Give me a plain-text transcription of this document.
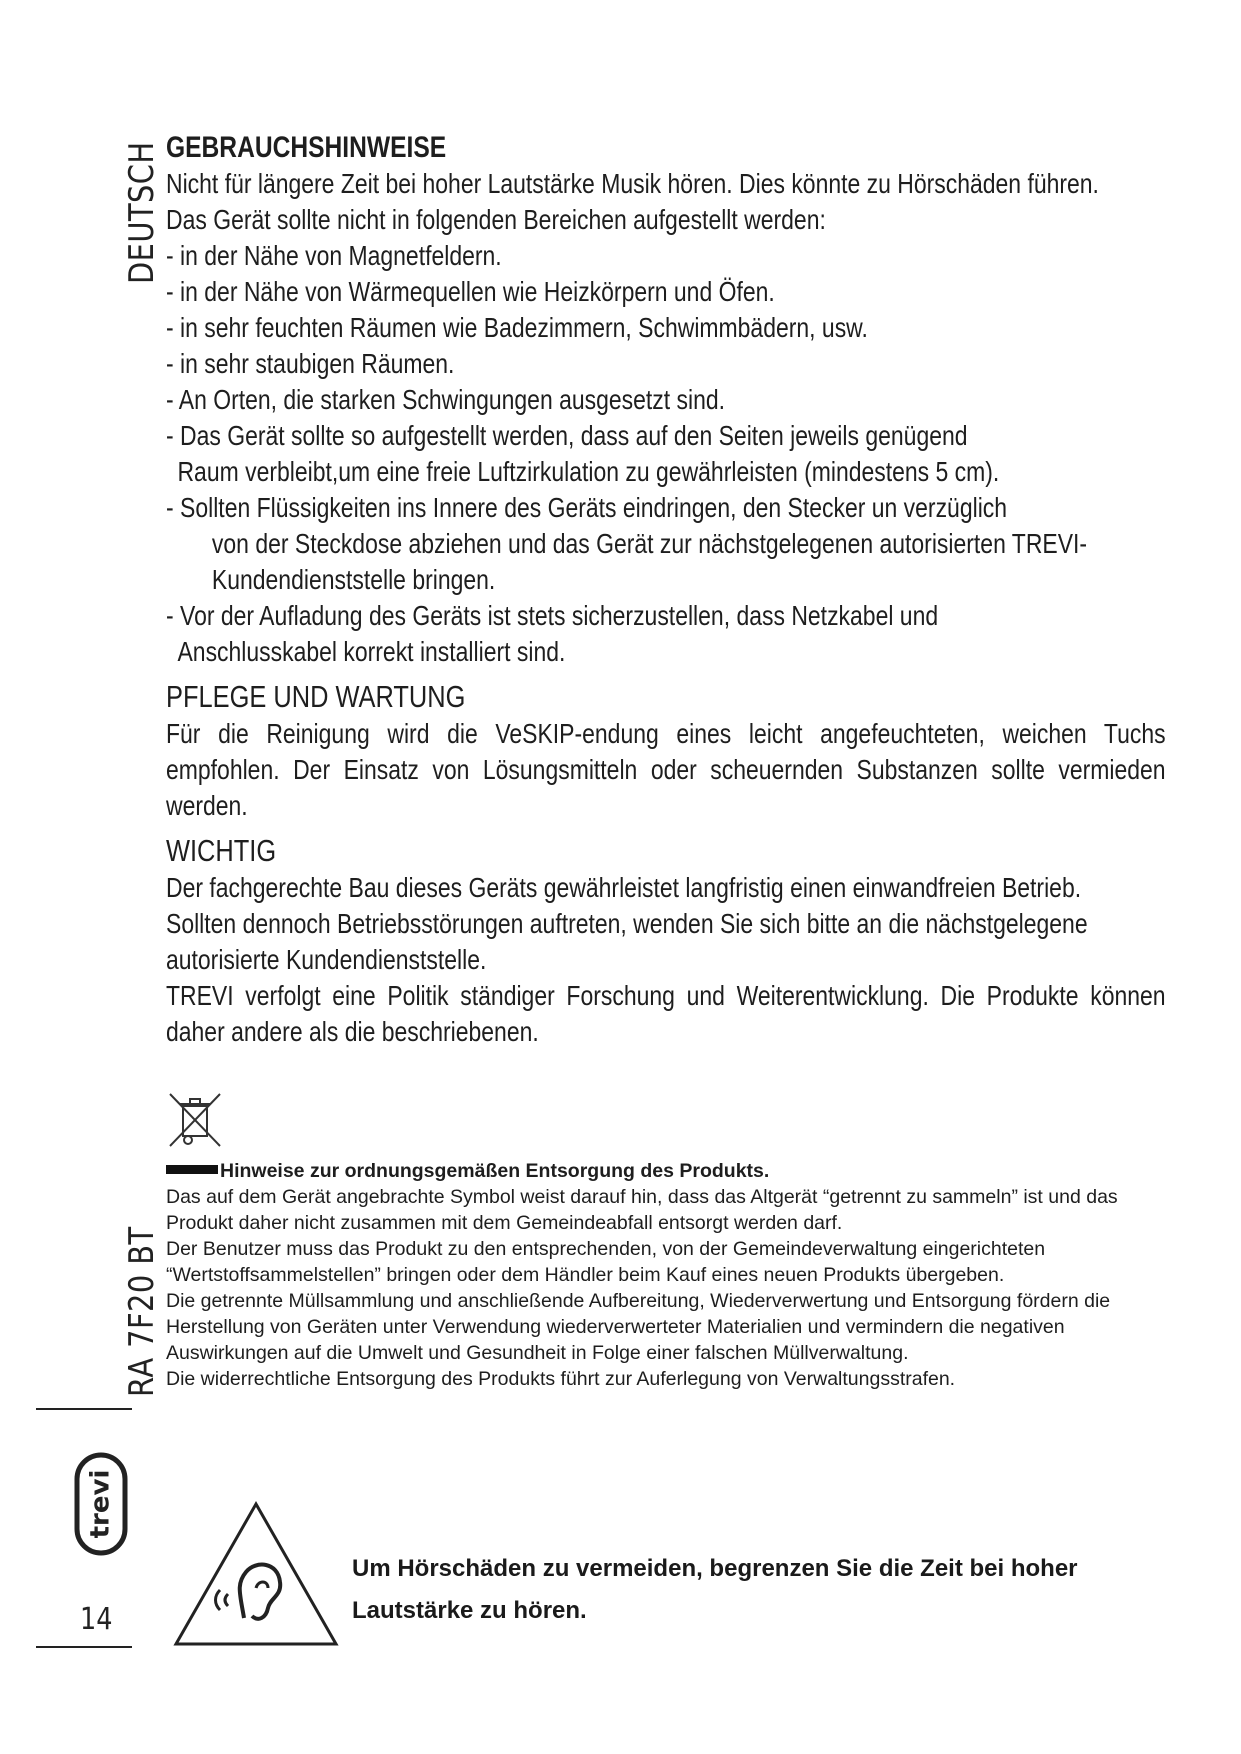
DEUTSCH
RA 7F20 BT
trevi
14
GEBRAUCHSHINWEISE
Nicht für längere Zeit bei hoher Lautstärke Musik hören. Dies könnte zu Hörschäden führen.
Das Gerät sollte nicht in folgenden Bereichen aufgestellt werden:
- in der Nähe von Magnetfeldern.
- in der Nähe von Wärmequellen wie Heizkörpern und Öfen.
- in sehr feuchten Räumen wie Badezimmern, Schwimmbädern, usw.
- in sehr staubigen Räumen.
- An Orten, die starken Schwingungen ausgesetzt sind.
- Das Gerät sollte so aufgestellt werden, dass auf den Seiten jeweils genügend
Raum verbleibt,um eine freie Luftzirkulation zu gewährleisten (mindestens 5 cm).
- Sollten Flüssigkeiten ins Innere des Geräts eindringen, den Stecker un verzüglich
von der Steckdose abziehen und das Gerät zur nächstgelegenen autorisierten TREVI-
Kundendienststelle bringen.
- Vor der Aufladung des Geräts ist stets sicherzustellen, dass Netzkabel und
Anschlusskabel korrekt installiert sind.
PFLEGE UND WARTUNG
Für die Reinigung wird die VeSKIP-endung eines leicht angefeuchteten, weichen Tuchs empfohlen. Der Einsatz von Lösungsmitteln oder scheuernden Substanzen sollte vermieden werden.
WICHTIG
Der fachgerechte Bau dieses Geräts gewährleistet langfristig einen einwandfreien Betrieb.
Sollten dennoch Betriebsstörungen auftreten, wenden Sie sich bitte an die nächstgelegene
autorisierte Kundendienststelle.
TREVI verfolgt eine Politik ständiger Forschung und Weiterentwicklung. Die Produkte können daher andere als die beschriebenen.
Hinweise zur ordnungsgemäßen Entsorgung des Produkts.

Das auf dem Gerät angebrachte Symbol weist darauf hin, dass das Altgerät “getrennt zu sammeln” ist und das Produkt daher nicht zusammen mit dem Gemeindeabfall entsorgt werden darf.

Der Benutzer muss das Produkt zu den entsprechenden, von der Gemeindeverwaltung eingerichteten “Wertstoffsammelstellen” bringen oder dem Händler beim Kauf eines neuen Produkts übergeben.

Die getrennte Müllsammlung und anschließende Aufbereitung, Wiederverwertung und Entsorgung fördern die Herstellung von Geräten unter Verwendung wiederverwerteter Materialien und vermindern die negativen Auswirkungen auf die Umwelt und Gesundheit in Folge einer falschen Müllverwaltung.

Die widerrechtliche Entsorgung des Produkts führt zur Auferlegung von Verwaltungsstrafen.

Um Hörschäden zu vermeiden, begrenzen Sie die Zeit bei hoher
Lautstärke zu hören.
